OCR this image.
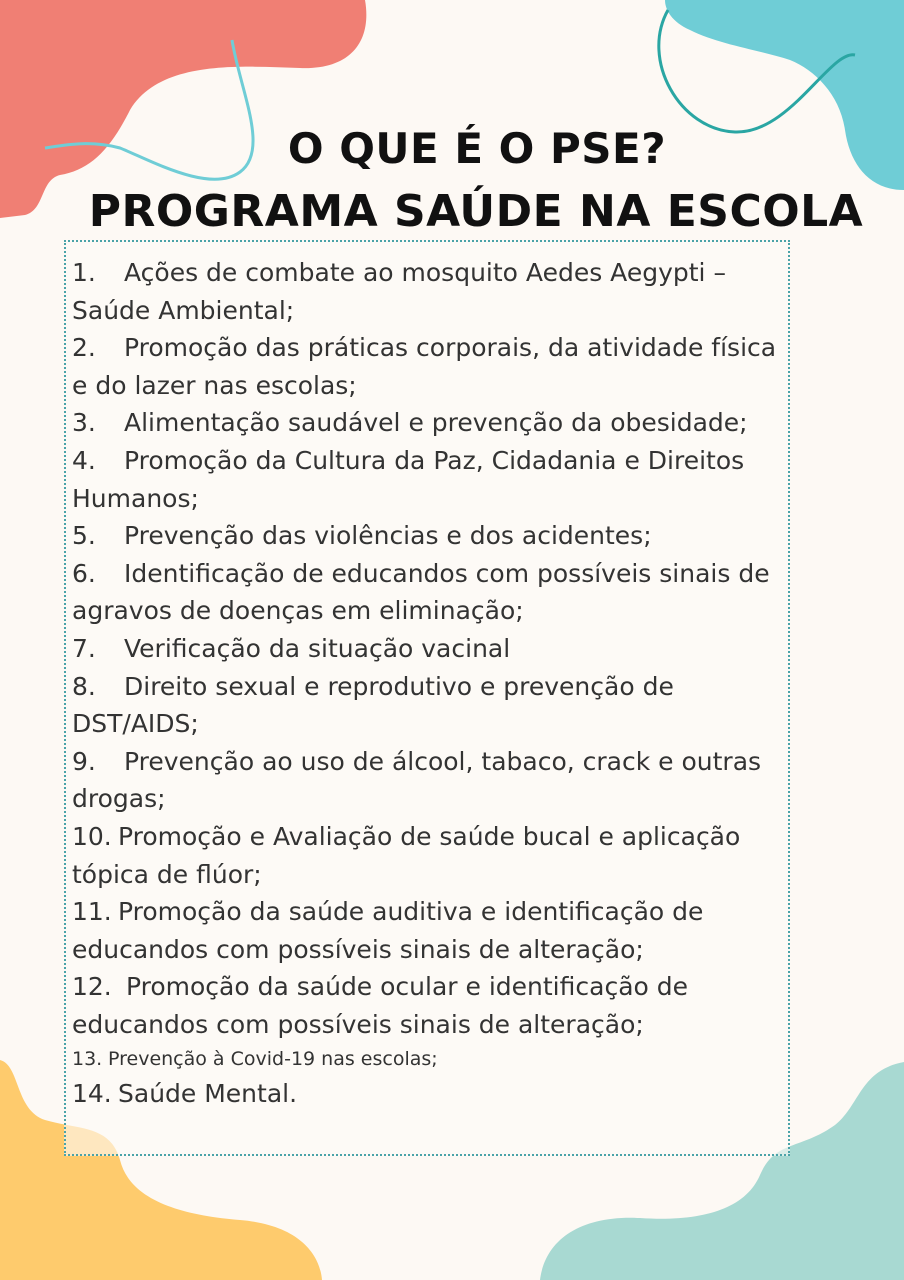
O QUE É O PSE?
PROGRAMA SAÚDE NA ESCOLA

1. Ações de combate ao mosquito Aedes Aegypti – Saúde Ambiental;

2. Promoção das práticas corporais, da atividade física e do lazer nas escolas;

3. Alimentação saudável e prevenção da obesidade;

4. Promoção da Cultura da Paz, Cidadania e Direitos Humanos;

5. Prevenção das violências e dos acidentes;

6. Identificação de educandos com possíveis sinais de agravos de doenças em eliminação;

7. Verificação da situação vacinal

8. Direito sexual e reprodutivo e prevenção de DST/AIDS;

9. Prevenção ao uso de álcool, tabaco, crack e outras drogas;

10. Promoção e Avaliação de saúde bucal e aplicação tópica de flúor;

11. Promoção da saúde auditiva e identificação de educandos com possíveis sinais de alteração;

12. Promoção da saúde ocular e identificação de educandos com possíveis sinais de alteração;

13. Prevenção à Covid-19 nas escolas;

14. Saúde Mental.
